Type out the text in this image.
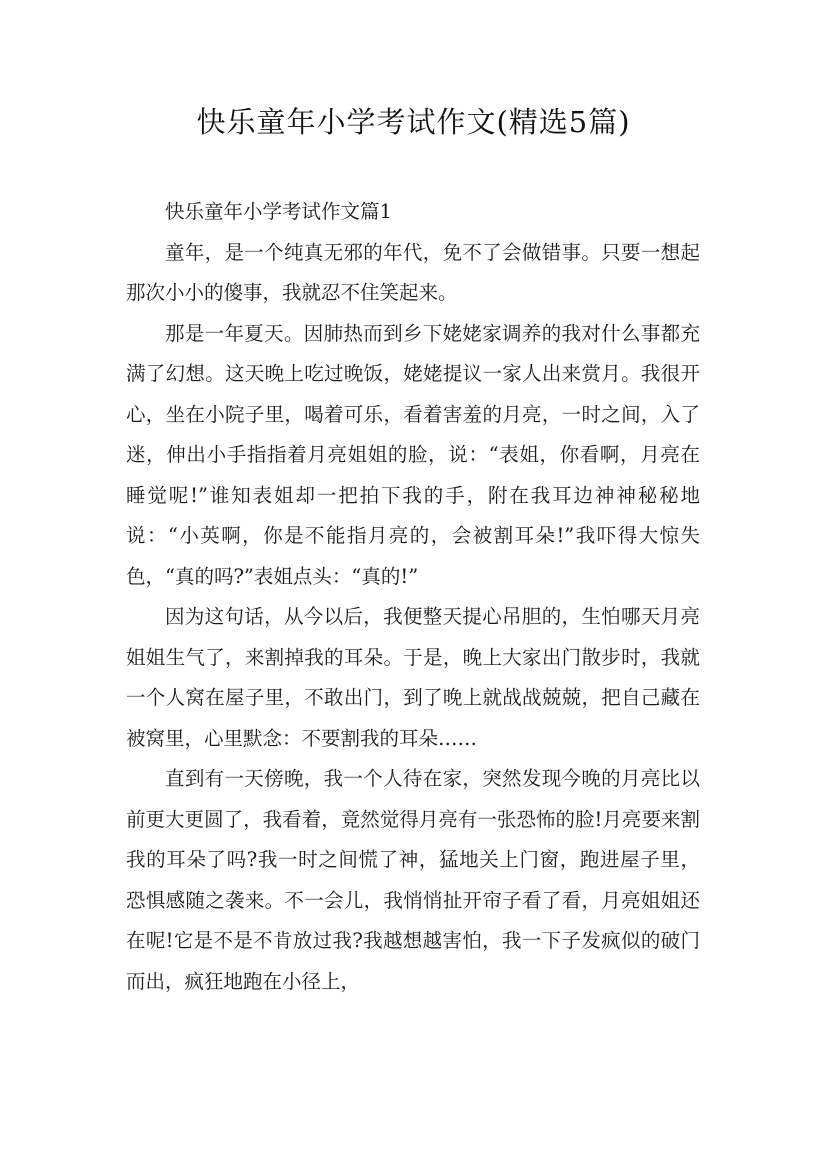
快乐童年小学考试作文(精选5篇)

快乐童年小学考试作文篇1

童年，是一个纯真无邪的年代，免不了会做错事。只要一想起那次小小的傻事，我就忍不住笑起来。

那是一年夏天。因肺热而到乡下姥姥家调养的我对什么事都充满了幻想。这天晚上吃过晚饭，姥姥提议一家人出来赏月。我很开心，坐在小院子里，喝着可乐，看着害羞的月亮，一时之间，入了迷，伸出小手指指着月亮姐姐的脸，说：“表姐，你看啊，月亮在睡觉呢!”谁知表姐却一把拍下我的手，附在我耳边神神秘秘地说：“小英啊，你是不能指月亮的，会被割耳朵!”我吓得大惊失色，“真的吗?”表姐点头：“真的!”

因为这句话，从今以后，我便整天提心吊胆的，生怕哪天月亮姐姐生气了，来割掉我的耳朵。于是，晚上大家出门散步时，我就一个人窝在屋子里，不敢出门，到了晚上就战战兢兢，把自己藏在被窝里，心里默念：不要割我的耳朵……

直到有一天傍晚，我一个人待在家，突然发现今晚的月亮比以前更大更圆了，我看着，竟然觉得月亮有一张恐怖的脸!月亮要来割我的耳朵了吗?我一时之间慌了神，猛地关上门窗，跑进屋子里，恐惧感随之袭来。不一会儿，我悄悄扯开帘子看了看，月亮姐姐还在呢!它是不是不肯放过我?我越想越害怕，我一下子发疯似的破门而出，疯狂地跑在小径上，
